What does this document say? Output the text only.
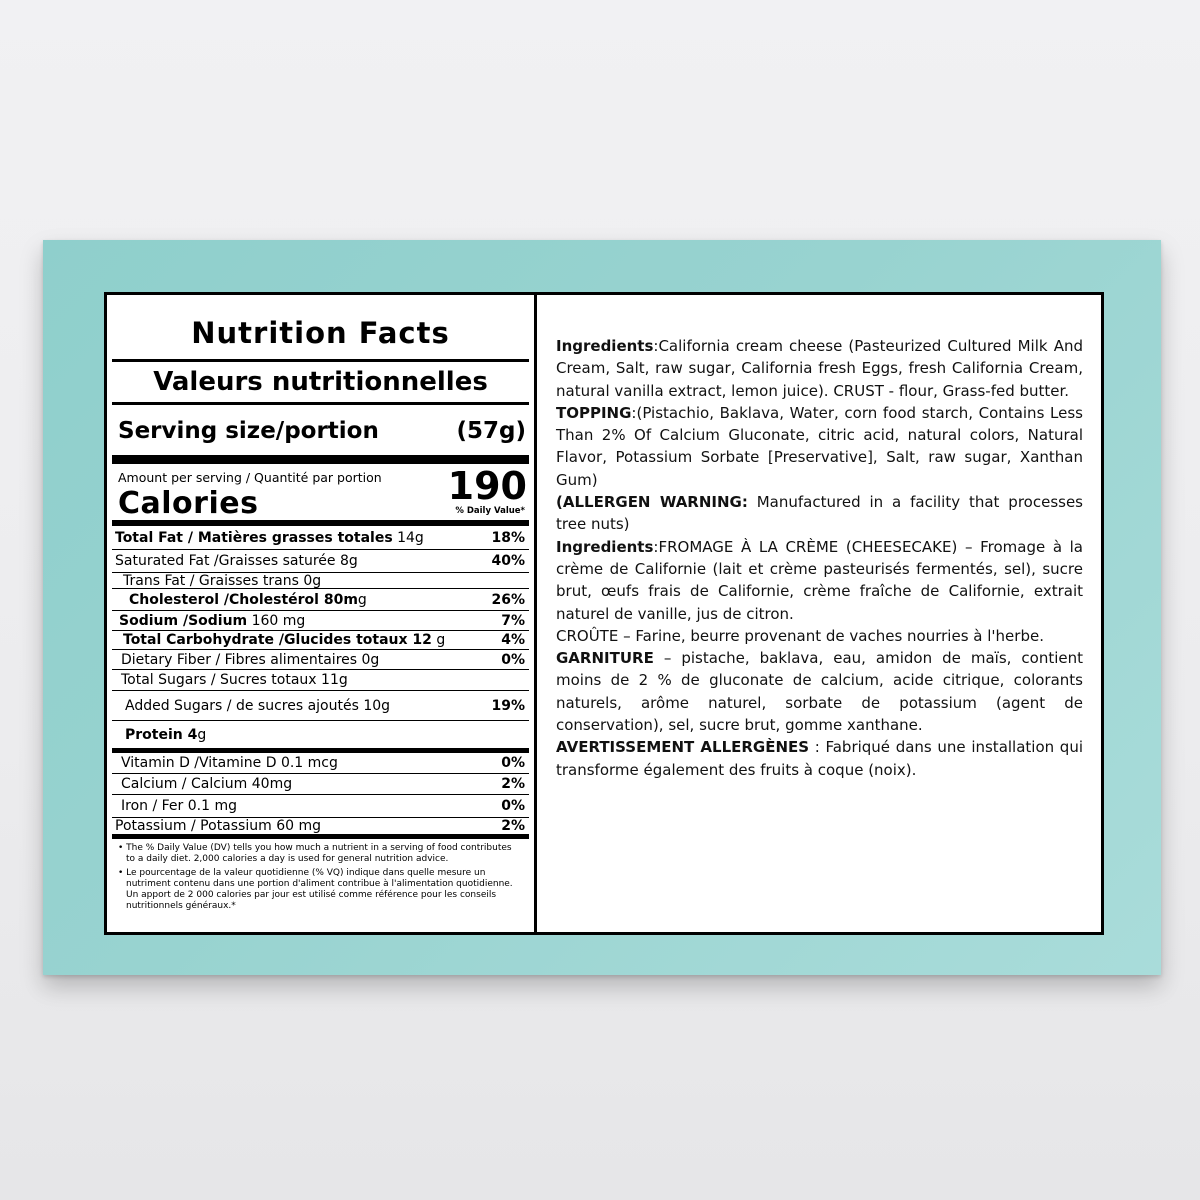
Nutrition Facts
Valeurs nutritionnelles
Serving size/portion	(57g)
Amount per serving / Quantité par portion
Calories	190
% Daily Value*
Total Fat / Matières grasses totales 14g	18%
Saturated Fat /Graisses saturée 8g	40%
Trans Fat / Graisses trans 0g
Cholesterol /Cholestérol 80mg	26%
Sodium /Sodium 160 mg	7%
Total Carbohydrate /Glucides totaux 12 g	4%
Dietary Fiber / Fibres alimentaires 0g	0%
Total Sugars / Sucres totaux 11g
Added Sugars / de sucres ajoutés 10g	19%
Protein 4g
Vitamin D /Vitamine D 0.1 mcg	0%
Calcium / Calcium 40mg	2%
Iron / Fer 0.1 mg	0%
Potassium / Potassium 60 mg	2%

• The % Daily Value (DV) tells you how much a nutrient in a serving of food contributes to a daily diet. 2,000 calories a day is used for general nutrition advice.

• Le pourcentage de la valeur quotidienne (% VQ) indique dans quelle mesure un nutriment contenu dans une portion d'aliment contribue à l'alimentation quotidienne. Un apport de 2 000 calories par jour est utilisé comme référence pour les conseils nutritionnels généraux.*

Ingredients:California cream cheese (Pasteurized Cultured Milk And Cream, Salt, raw sugar, California fresh Eggs, fresh California Cream, natural vanilla extract, lemon juice). CRUST - flour, Grass-fed butter.

TOPPING:(Pistachio, Baklava, Water, corn food starch, Contains Less Than 2% Of Calcium Gluconate, citric acid, natural colors, Natural Flavor, Potassium Sorbate [Preservative], Salt, raw sugar, Xanthan Gum)

(ALLERGEN WARNING: Manufactured in a facility that processes tree nuts)

Ingredients:FROMAGE À LA CRÈME (CHEESECAKE) – Fromage à la crème de Californie (lait et crème pasteurisés fermentés, sel), sucre brut, œufs frais de Californie, crème fraîche de Californie, extrait naturel de vanille, jus de citron.

CROÛTE – Farine, beurre provenant de vaches nourries à l'herbe.

GARNITURE – pistache, baklava, eau, amidon de maïs, contient moins de 2 % de gluconate de calcium, acide citrique, colorants naturels, arôme naturel, sorbate de potassium (agent de conservation), sel, sucre brut, gomme xanthane.

AVERTISSEMENT ALLERGÈNES : Fabriqué dans une installation qui transforme également des fruits à coque (noix).
